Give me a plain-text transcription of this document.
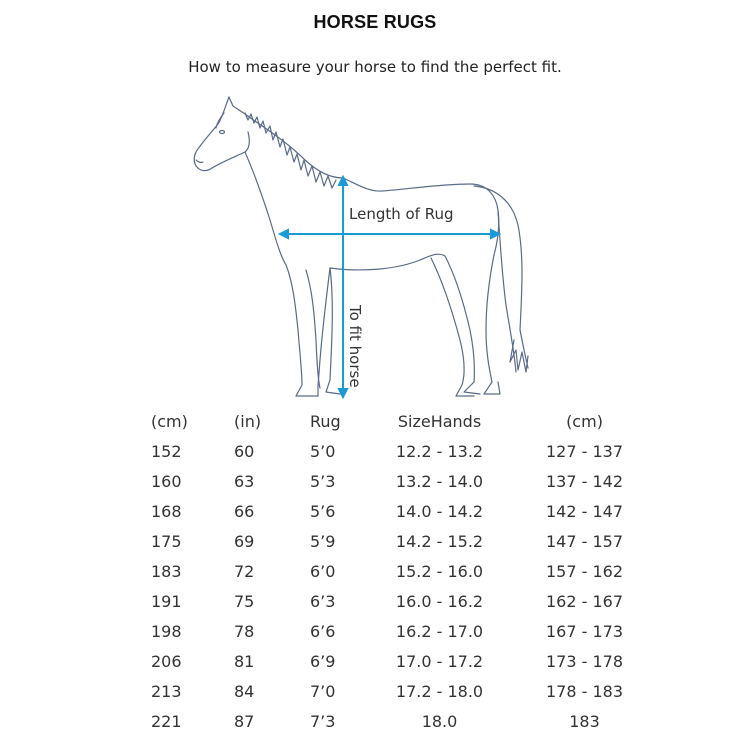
HORSE RUGS
How to measure your horse to find the perfect fit.
Length of Rug
To fit horse
(cm)	(in)	Rug	SizeHands	(cm)
152	60	5’0	12.2 - 13.2	127 - 137
160	63	5’3	13.2 - 14.0	137 - 142
168	66	5’6	14.0 - 14.2	142 - 147
175	69	5’9	14.2 - 15.2	147 - 157
183	72	6’0	15.2 - 16.0	157 - 162
191	75	6’3	16.0 - 16.2	162 - 167
198	78	6’6	16.2 - 17.0	167 - 173
206	81	6’9	17.0 - 17.2	173 - 178
213	84	7’0	17.2 - 18.0	178 - 183
221	87	7’3	18.0	183
